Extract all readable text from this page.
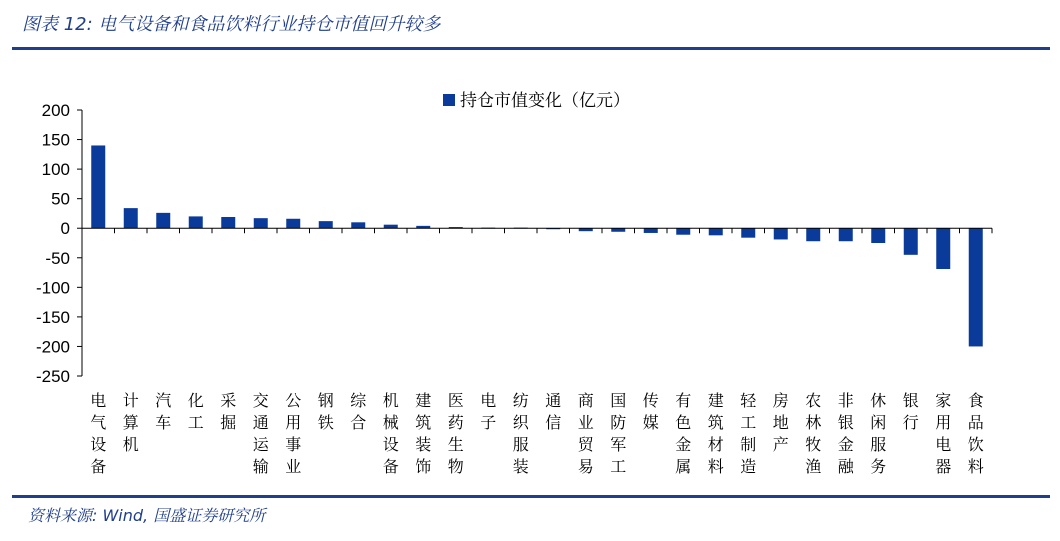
图表 12: 电气设备和食品饮料行业持仓市值回升较多
持仓市值变化（亿元）
200
150
100
50
0
-50
-100
-150
-200
-250
电气设备
计算机
汽车
化工
采掘
交通运输
公用事业
钢铁
综合
机械设备
建筑装饰
医药生物
电子
纺织服装
通信
商业贸易
国防军工
传媒
有色金属
建筑材料
轻工制造
房地产
农林牧渔
非银金融
休闲服务
银行
家用电器
食品饮料
资料来源: Wind, 国盛证券研究所
